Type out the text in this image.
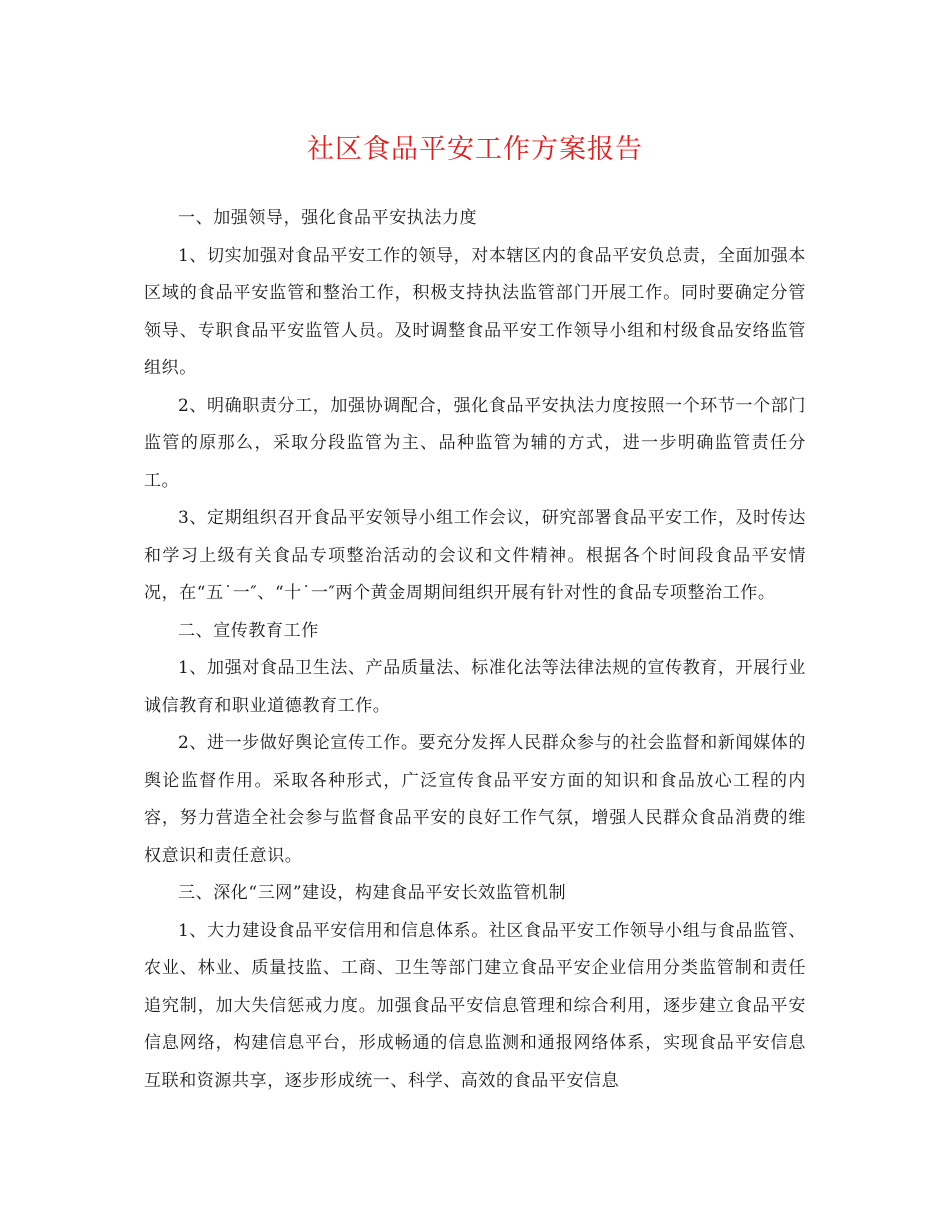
社区食品平安工作方案报告

一、加强领导，强化食品平安执法力度

1、切实加强对食品平安工作的领导，对本辖区内的食品平安负总责，全面加强本区域的食品平安监管和整治工作，积极支持执法监管部门开展工作。同时要确定分管领导、专职食品平安监管人员。及时调整食品平安工作领导小组和村级食品安络监管组织。

2、明确职责分工，加强协调配合，强化食品平安执法力度按照一个环节一个部门监管的原那么，采取分段监管为主、品种监管为辅的方式，进一步明确监管责任分工。

3、定期组织召开食品平安领导小组工作会议，研究部署食品平安工作，及时传达和学习上级有关食品专项整治活动的会议和文件精神。根据各个时间段食品平安情况，在“五˙一″、“十˙一″两个黄金周期间组织开展有针对性的食品专项整治工作。

二、宣传教育工作

1、加强对食品卫生法、产品质量法、标准化法等法律法规的宣传教育，开展行业诚信教育和职业道德教育工作。

2、进一步做好舆论宣传工作。要充分发挥人民群众参与的社会监督和新闻媒体的舆论监督作用。采取各种形式，广泛宣传食品平安方面的知识和食品放心工程的内容，努力营造全社会参与监督食品平安的良好工作气氛，增强人民群众食品消费的维权意识和责任意识。

三、深化“三网”建设，构建食品平安长效监管机制

1、大力建设食品平安信用和信息体系。社区食品平安工作领导小组与食品监管、农业、林业、质量技监、工商、卫生等部门建立食品平安企业信用分类监管制和责任追究制，加大失信惩戒力度。加强食品平安信息管理和综合利用，逐步建立食品平安信息网络，构建信息平台，形成畅通的信息监测和通报网络体系，实现食品平安信息互联和资源共享，逐步形成统一、科学、高效的食品平安信息
